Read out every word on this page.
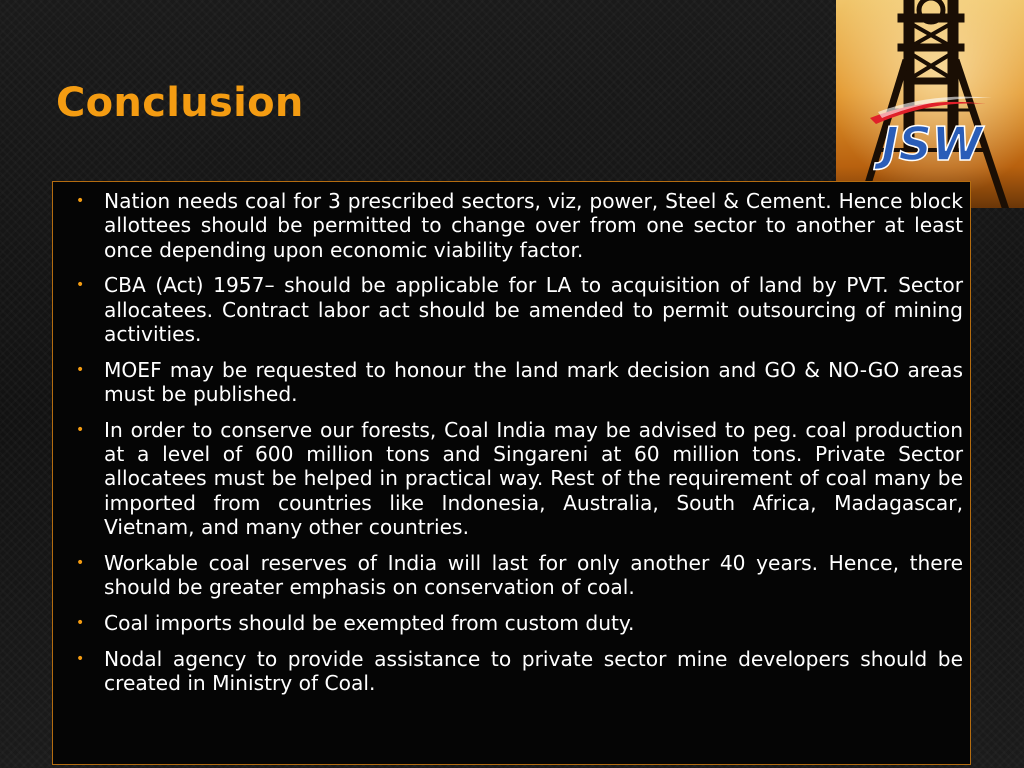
Conclusion
JSW
• Nation needs coal for 3 prescribed sectors, viz, power, Steel & Cement. Hence block allottees should be permitted to change over from one sector to another at least once depending upon economic viability factor.
• CBA (Act) 1957– should be applicable for LA to acquisition of land by PVT. Sector allocatees. Contract labor act should be amended to permit outsourcing of mining activities.
• MOEF may be requested to honour the land mark decision and GO & NO-GO areas must be published.
• In order to conserve our forests, Coal India may be advised to peg. coal production at a level of 600 million tons and Singareni at 60 million tons. Private Sector allocatees must be helped in practical way. Rest of the requirement of coal many be imported from countries like Indonesia, Australia, South Africa, Madagascar, Vietnam, and many other countries.
• Workable coal reserves of India will last for only another 40 years. Hence, there should be greater emphasis on conservation of coal.
• Coal imports should be exempted from custom duty.
• Nodal agency to provide assistance to private sector mine developers should be created in Ministry of Coal.
